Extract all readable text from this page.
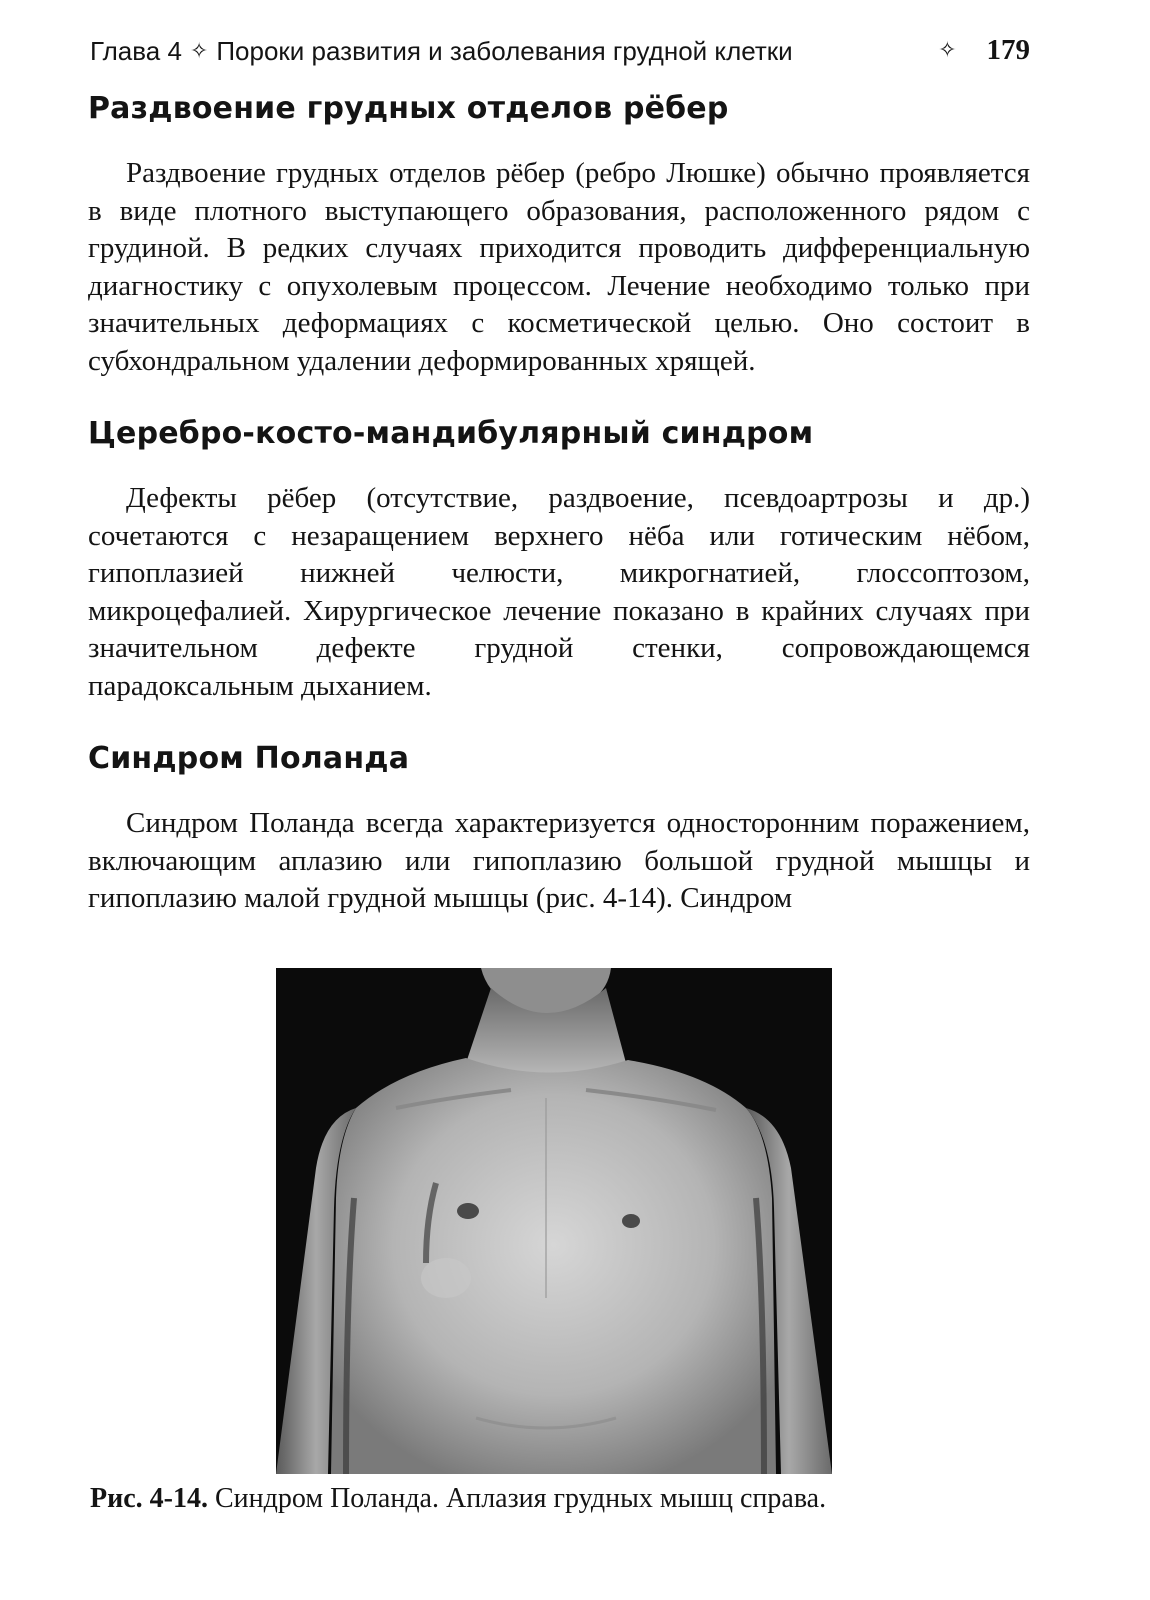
Глава 4 ✧ Пороки развития и заболевания грудной клетки	✧ 179
Раздвоение грудных отделов рёбер

Раздвоение грудных отделов рёбер (ребро Люшке) обычно проявляется в виде плотного выступающего образования, расположенного рядом с грудиной. В редких случаях приходится проводить дифференциальную диагностику с опухолевым процессом. Лечение необходимо только при значительных деформациях с косметической целью. Оно состоит в субхондральном удалении деформированных хрящей.

Церебро-косто-мандибулярный синдром

Дефекты рёбер (отсутствие, раздвоение, псевдоартрозы и др.) сочетаются с незаращением верхнего нёба или готическим нёбом, гипоплазией нижней челюсти, микрогнатией, глоссоптозом, микроцефалией. Хирургическое лечение показано в крайних случаях при значительном дефекте грудной стенки, сопровождающемся парадоксальным дыханием.

Синдром Поланда

Синдром Поланда всегда характеризуется односторонним поражением, включающим аплазию или гипоплазию большой грудной мышцы и гипоплазию малой грудной мышцы (рис. 4-14). Синдром

Рис. 4-14. Синдром Поланда. Аплазия грудных мышц справа.
